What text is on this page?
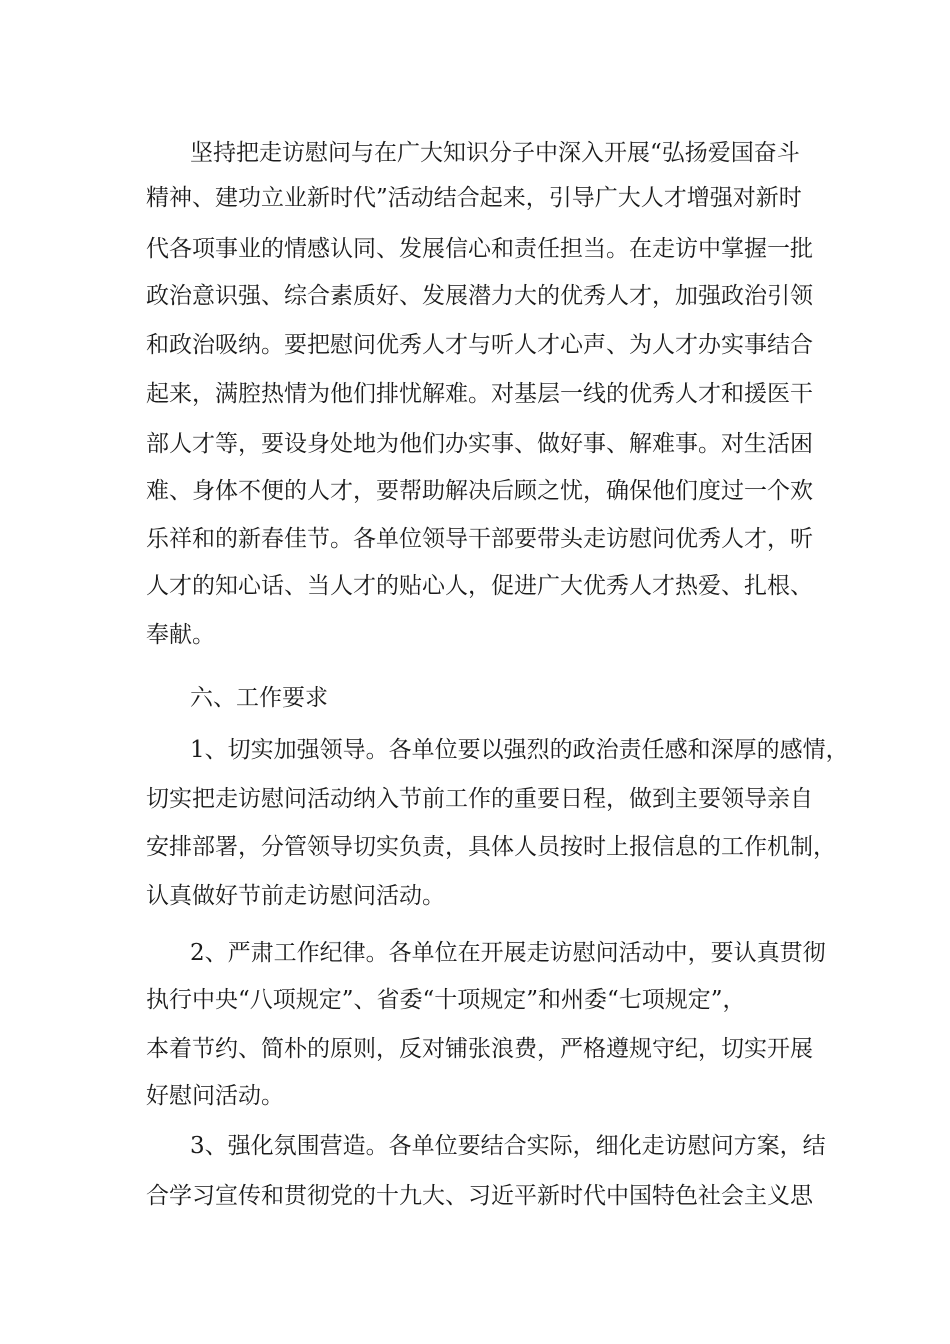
坚持把走访慰问与在广大知识分子中深入开展“弘扬爱国奋斗
精神、建功立业新时代”活动结合起来，引导广大人才增强对新时
代各项事业的情感认同、发展信心和责任担当。在走访中掌握一批
政治意识强、综合素质好、发展潜力大的优秀人才，加强政治引领
和政治吸纳。要把慰问优秀人才与听人才心声、为人才办实事结合
起来，满腔热情为他们排忧解难。对基层一线的优秀人才和援医干
部人才等，要设身处地为他们办实事、做好事、解难事。对生活困
难、身体不便的人才，要帮助解决后顾之忧，确保他们度过一个欢
乐祥和的新春佳节。各单位领导干部要带头走访慰问优秀人才，听
人才的知心话、当人才的贴心人，促进广大优秀人才热爱、扎根、
奉献。
六、工作要求
1、切实加强领导。各单位要以强烈的政治责任感和深厚的感情，
切实把走访慰问活动纳入节前工作的重要日程，做到主要领导亲自
安排部署，分管领导切实负责，具体人员按时上报信息的工作机制，
认真做好节前走访慰问活动。
2、严肃工作纪律。各单位在开展走访慰问活动中，要认真贯彻
执行中央“八项规定”、省委“十项规定”和州委“七项规定”，
本着节约、简朴的原则，反对铺张浪费，严格遵规守纪，切实开展
好慰问活动。
3、强化氛围营造。各单位要结合实际，细化走访慰问方案，结
合学习宣传和贯彻党的十九大、习近平新时代中国特色社会主义思
